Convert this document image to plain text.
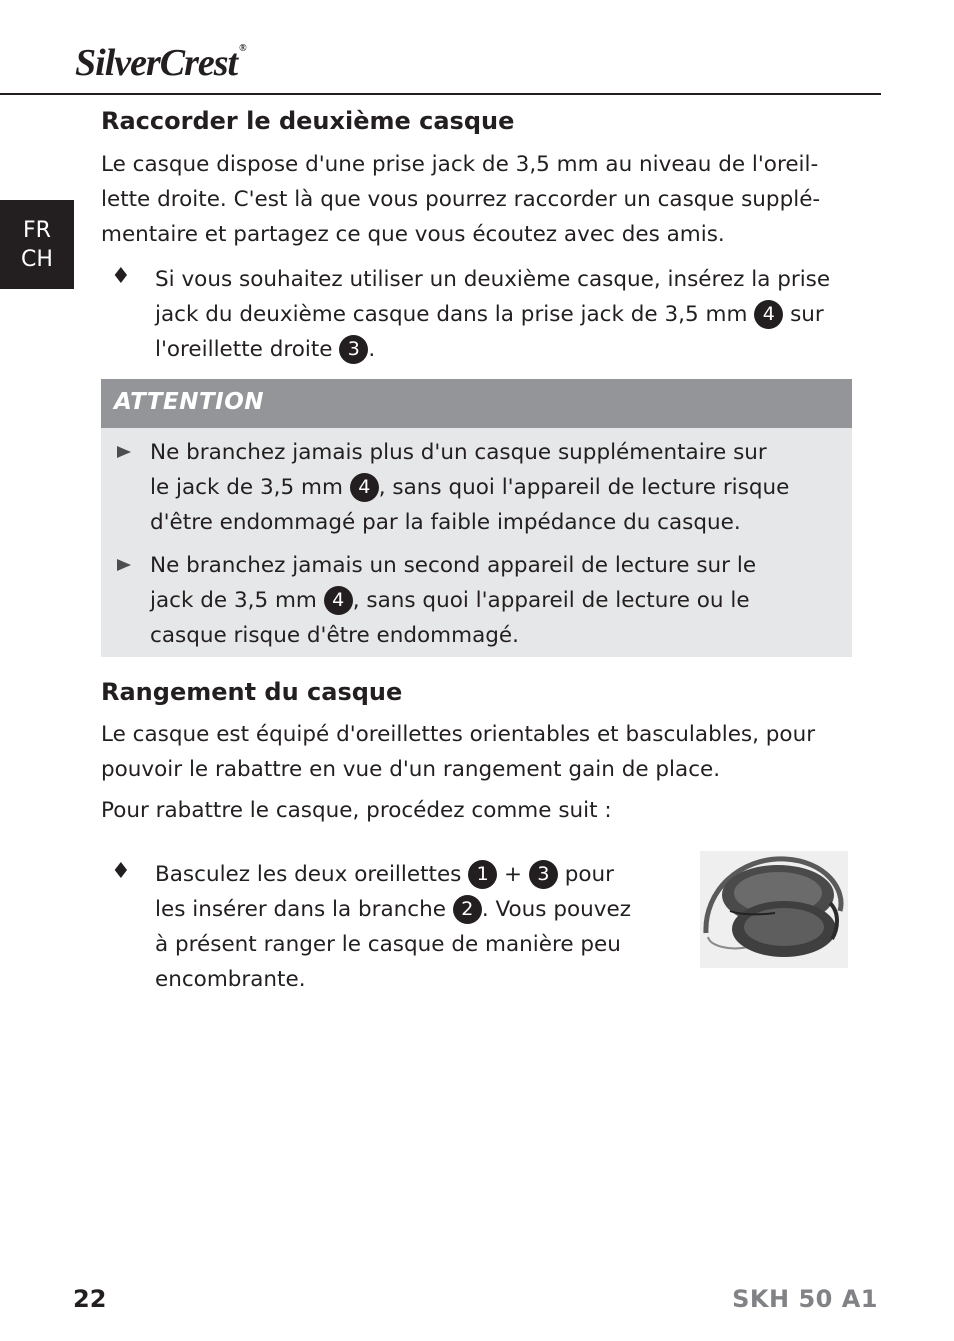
SilverCrest ®
FR
CH
Raccorder le deuxième casque
Le casque dispose d'une prise jack de 3,5 mm au niveau de l'oreil-
lette droite. C'est là que vous pourrez raccorder un casque supplé-
mentaire et partagez ce que vous écoutez avec des amis.
♦ Si vous souhaitez utiliser un deuxième casque, insérez la prise
jack du deuxième casque dans la prise jack de 3,5 mm 4 sur
l'oreillette droite 3 .
ATTENTION
Ne branchez jamais plus d'un casque supplémentaire sur
le jack de 3,5 mm 4 , sans quoi l'appareil de lecture risque
d'être endommagé par la faible impédance du casque.
Ne branchez jamais un second appareil de lecture sur le
jack de 3,5 mm 4 , sans quoi l'appareil de lecture ou le
casque risque d'être endommagé.
Rangement du casque
Le casque est équipé d'oreillettes orientables et basculables, pour
pouvoir le rabattre en vue d'un rangement gain de place.
Pour rabattre le casque, procédez comme suit :
♦ Basculez les deux oreillettes 1 + 3 pour
les insérer dans la branche 2 . Vous pouvez
à présent ranger le casque de manière peu
encombrante.
22	SKH 50 A1
